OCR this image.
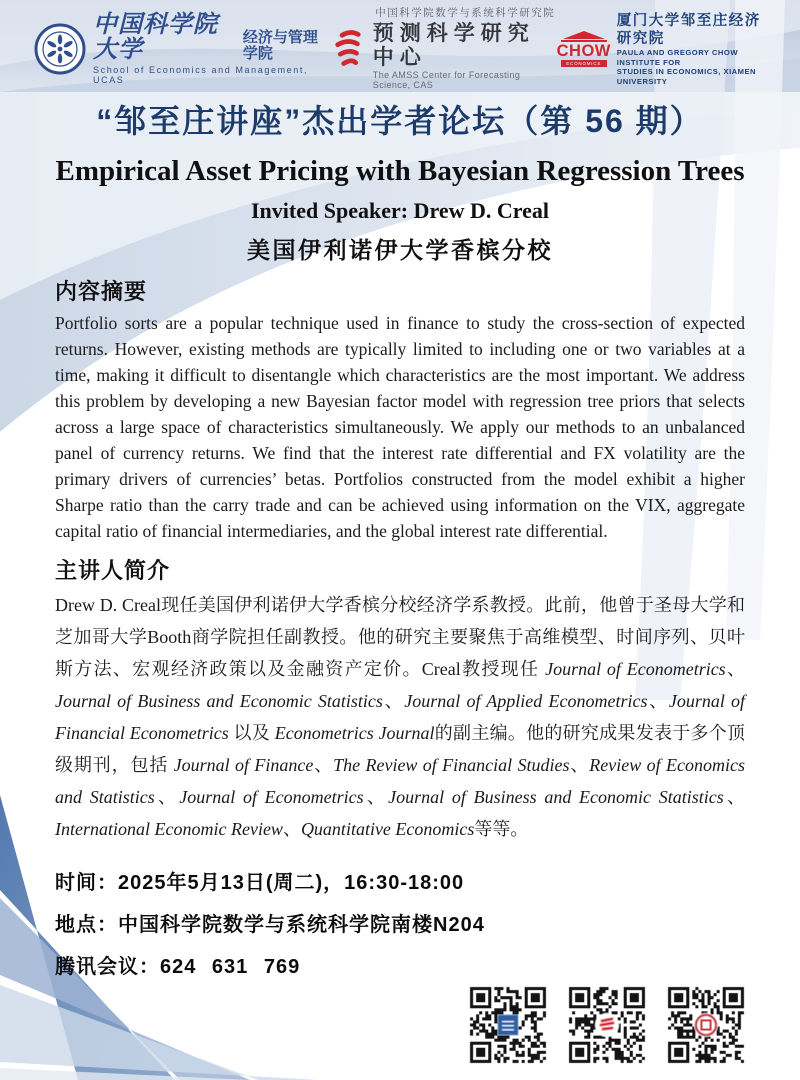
中国科学院大学	经济与管理学院
School of Economics and Management, UCAS
中国科学院数学与系统科学研究院
预测科学研究中心
The AMSS Center for Forecasting Science, CAS
CHOW
ECONOMICS
厦门大学邹至庄经济研究院
PAULA AND GREGORY CHOW INSTITUTE FOR
STUDIES IN ECONOMICS, XIAMEN UNIVERSITY
“邹至庄讲座”杰出学者论坛（第 56 期）
Empirical Asset Pricing with Bayesian Regression Trees
Invited Speaker: Drew D. Creal
美国伊利诺伊大学香槟分校
内容摘要

Portfolio sorts are a popular technique used in finance to study the cross-section of expected returns. However, existing methods are typically limited to including one or two variables at a time, making it difficult to disentangle which characteristics are the most important. We address this problem by developing a new Bayesian factor model with regression tree priors that selects across a large space of characteristics simultaneously. We apply our methods to an unbalanced panel of currency returns. We find that the interest rate differential and FX volatility are the primary drivers of currencies’ betas. Portfolios constructed from the model exhibit a higher Sharpe ratio than the carry trade and can be achieved using information on the VIX, aggregate capital ratio of financial intermediaries, and the global interest rate differential.

主讲人简介

Drew D. Creal现任美国伊利诺伊大学香槟分校经济学系教授。此前，他曾于圣母大学和芝加哥大学Booth商学院担任副教授。他的研究主要聚焦于高维模型、时间序列、贝叶斯方法、宏观经济政策以及金融资产定价。Creal教授现任 Journal of Econometrics、Journal of Business and Economic Statistics、Journal of Applied Econometrics、Journal of Financial Econometrics 以及 Econometrics Journal的副主编。他的研究成果发表于多个顶级期刊，包括 Journal of Finance、The Review of Financial Studies、Review of Economics and Statistics、Journal of Econometrics、Journal of Business and Economic Statistics、International Economic Review、Quantitative Economics等等。

时间：2025年5月13日(周二)，16:30-18:00
地点：中国科学院数学与系统科学院南楼N204
腾讯会议：624 631 769
